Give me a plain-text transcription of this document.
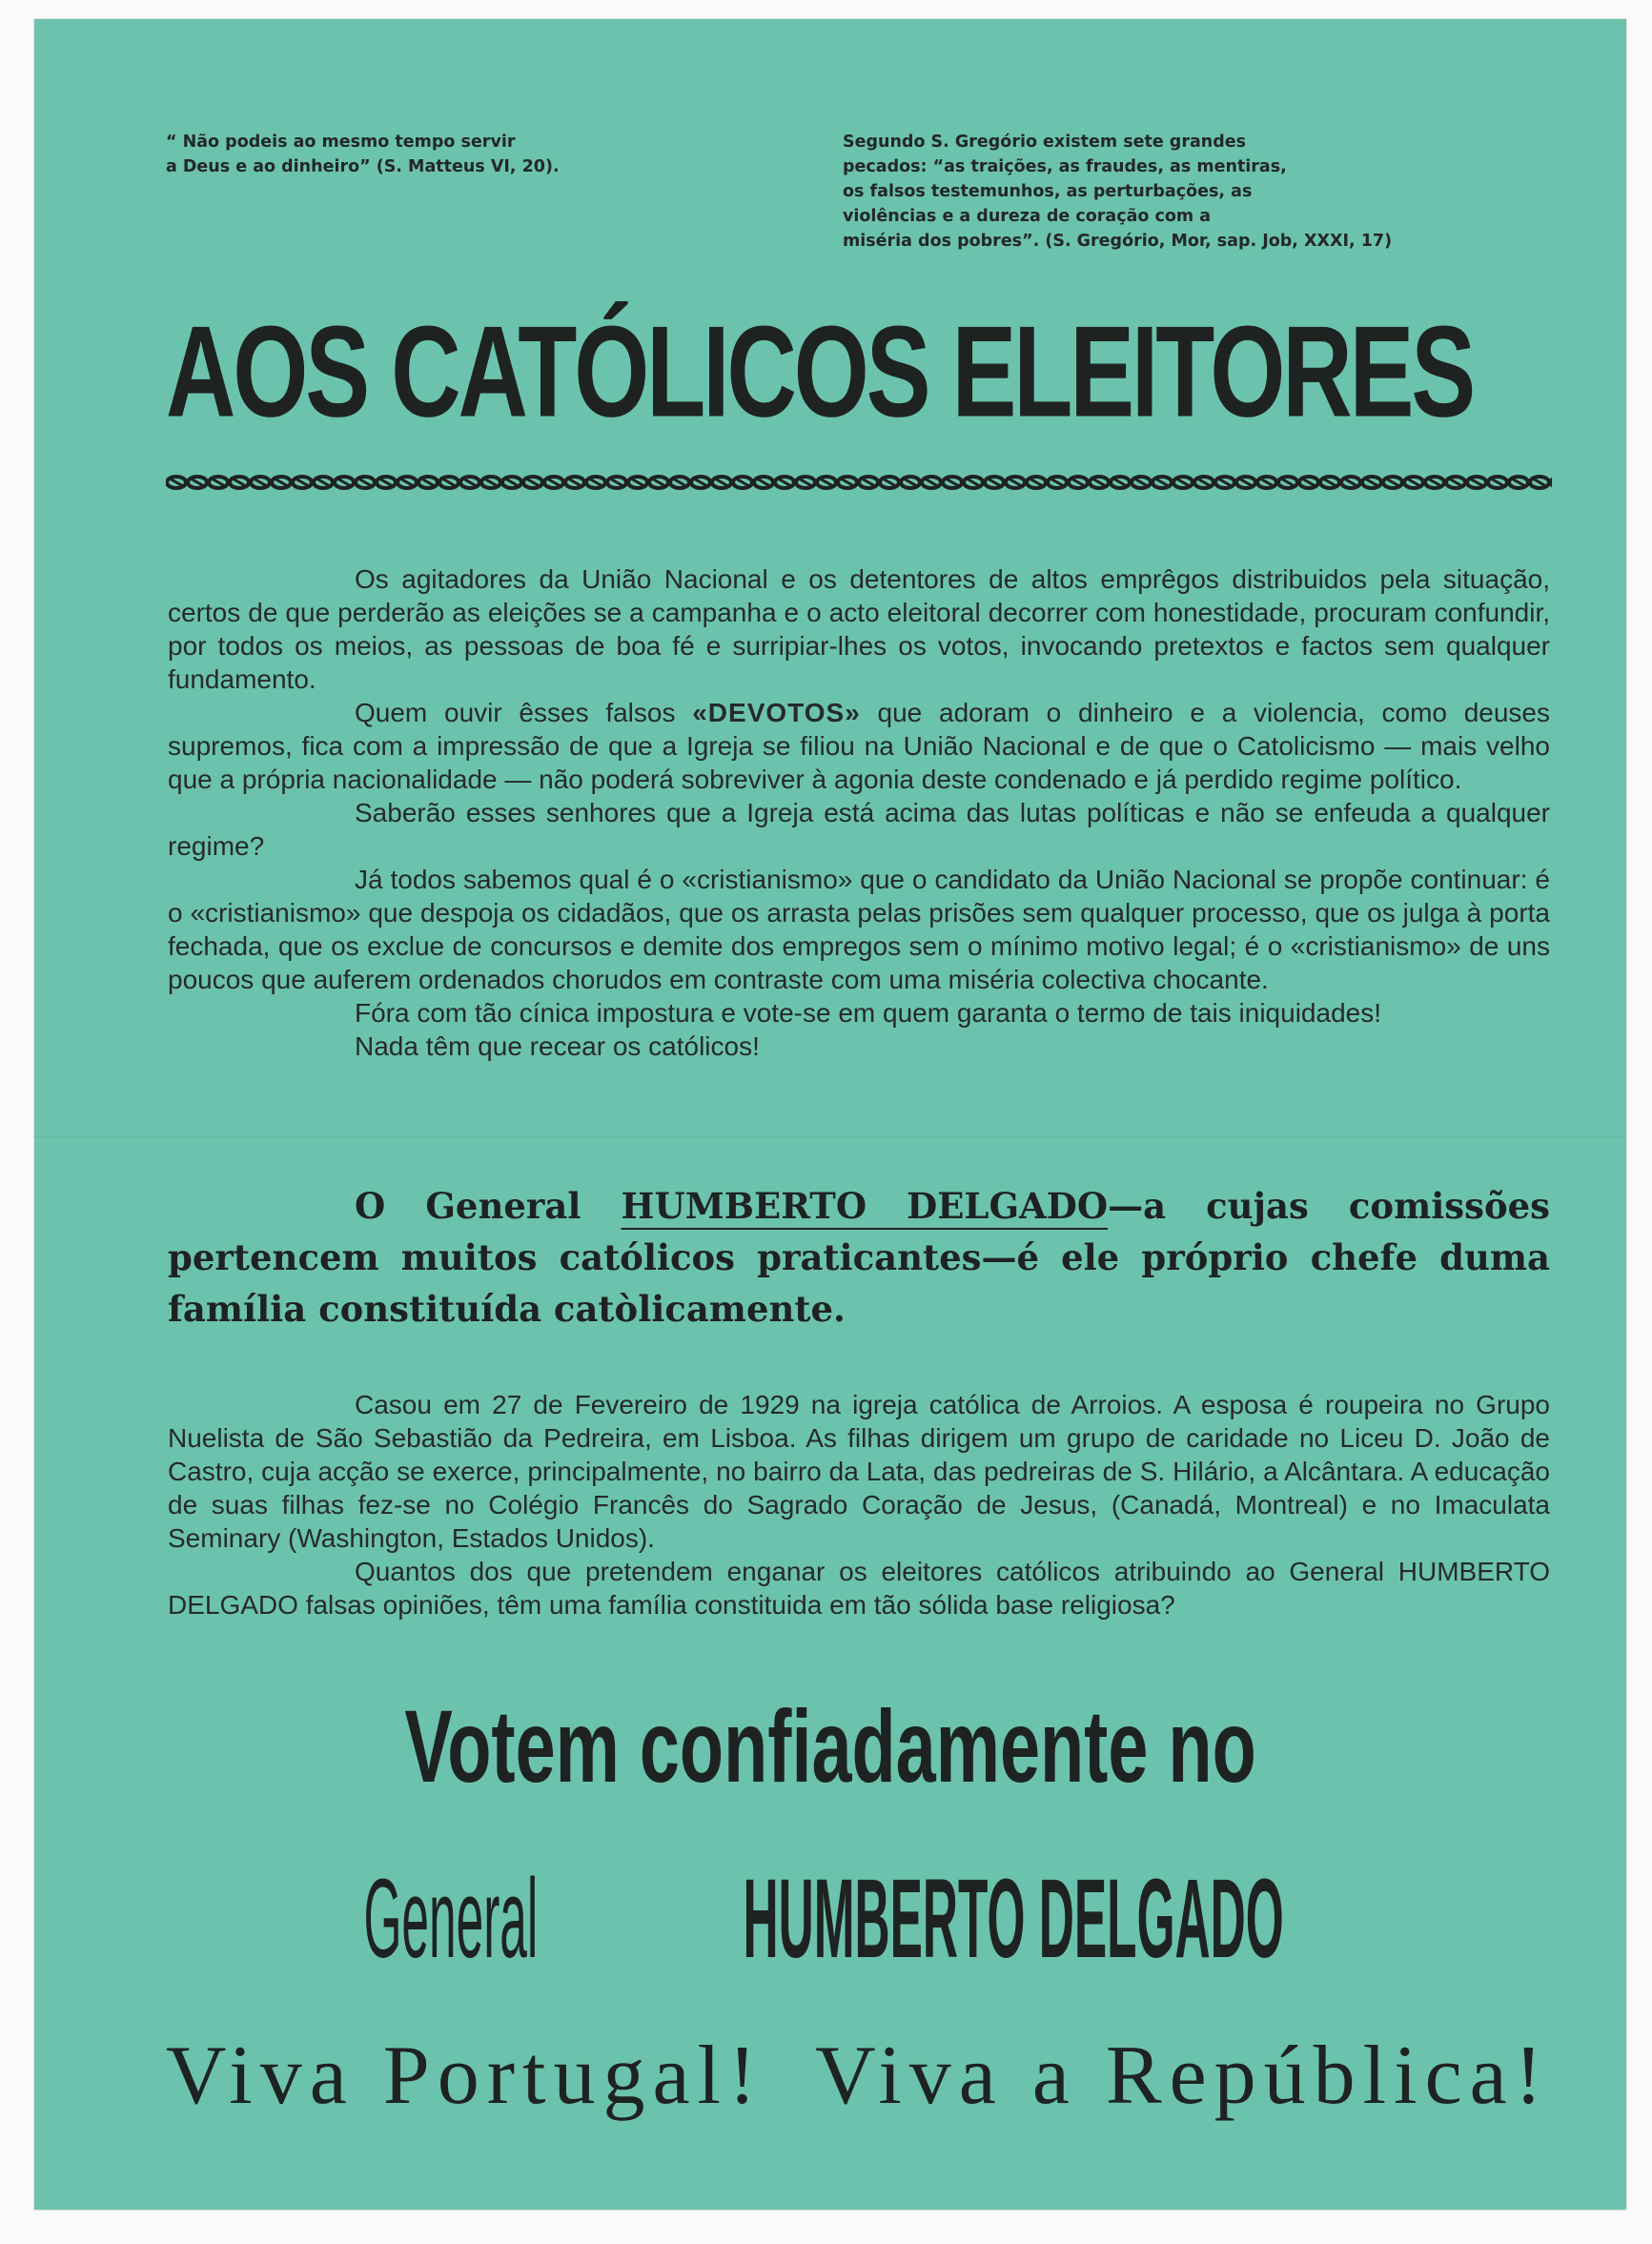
“ Não podeis ao mesmo tempo servir

a Deus e ao dinheiro” (S. Matteus VI, 20).

Segundo S. Gregório existem sete grandes

pecados: “as traições, as fraudes, as mentiras,

os falsos testemunhos, as perturbações, as

violências e a dureza de coração com a

miséria dos pobres”. (S. Gregório, Mor, sap. Job, XXXI, 17)

AOS CATÓLICOS ELEITORES

Os agitadores da União Nacional e os detentores de altos emprêgos distribuidos pela situação, certos de que perderão as eleições se a campanha e o acto eleitoral decorrer com honestidade, procuram confundir, por todos os meios, as pessoas de boa fé e surripiar-lhes os votos, invocando pretextos e factos sem qualquer fundamento.

Quem ouvir êsses falsos «DEVOTOS» que adoram o dinheiro e a violencia, como deuses supremos, fica com a impressão de que a Igreja se filiou na União Nacional e de que o Catolicismo — mais velho que a própria nacionalidade — não poderá sobreviver à agonia deste condenado e já perdido regime político.

Saberão esses senhores que a Igreja está acima das lutas políticas e não se enfeuda a qualquer regime?

Já todos sabemos qual é o «cristianismo» que o candidato da União Nacional se propõe continuar: é o «cristianismo» que despoja os cidadãos, que os arrasta pelas prisões sem qualquer processo, que os julga à porta fechada, que os exclue de concursos e demite dos empregos sem o mínimo motivo legal; é o «cristianismo» de uns poucos que auferem ordenados chorudos em contraste com uma miséria colectiva chocante.

Fóra com tão cínica impostura e vote-se em quem garanta o termo de tais iniquidades!

Nada têm que recear os católicos!

O General HUMBERTO DELGADO—a cujas comissões pertencem muitos católicos praticantes—é ele próprio chefe duma família constituída catòlicamente.

Casou em 27 de Fevereiro de 1929 na igreja católica de Arroios. A esposa é roupeira no Grupo Nuelista de São Sebastião da Pedreira, em Lisboa. As filhas dirigem um grupo de caridade no Liceu D. João de Castro, cuja acção se exerce, principalmente, no bairro da Lata, das pedreiras de S. Hilário, a Alcântara. A educação de suas filhas fez-se no Colégio Francês do Sagrado Coração de Jesus, (Canadá, Montreal) e no Imaculata Seminary (Washington, Estados Unidos).

Quantos dos que pretendem enganar os eleitores católicos atribuindo ao General HUMBERTO DELGADO falsas opiniões, têm uma família constituida em tão sólida base religiosa?

Votem confiadamente no
General HUMBERTO DELGADO
Viva Portugal! Viva a República!
